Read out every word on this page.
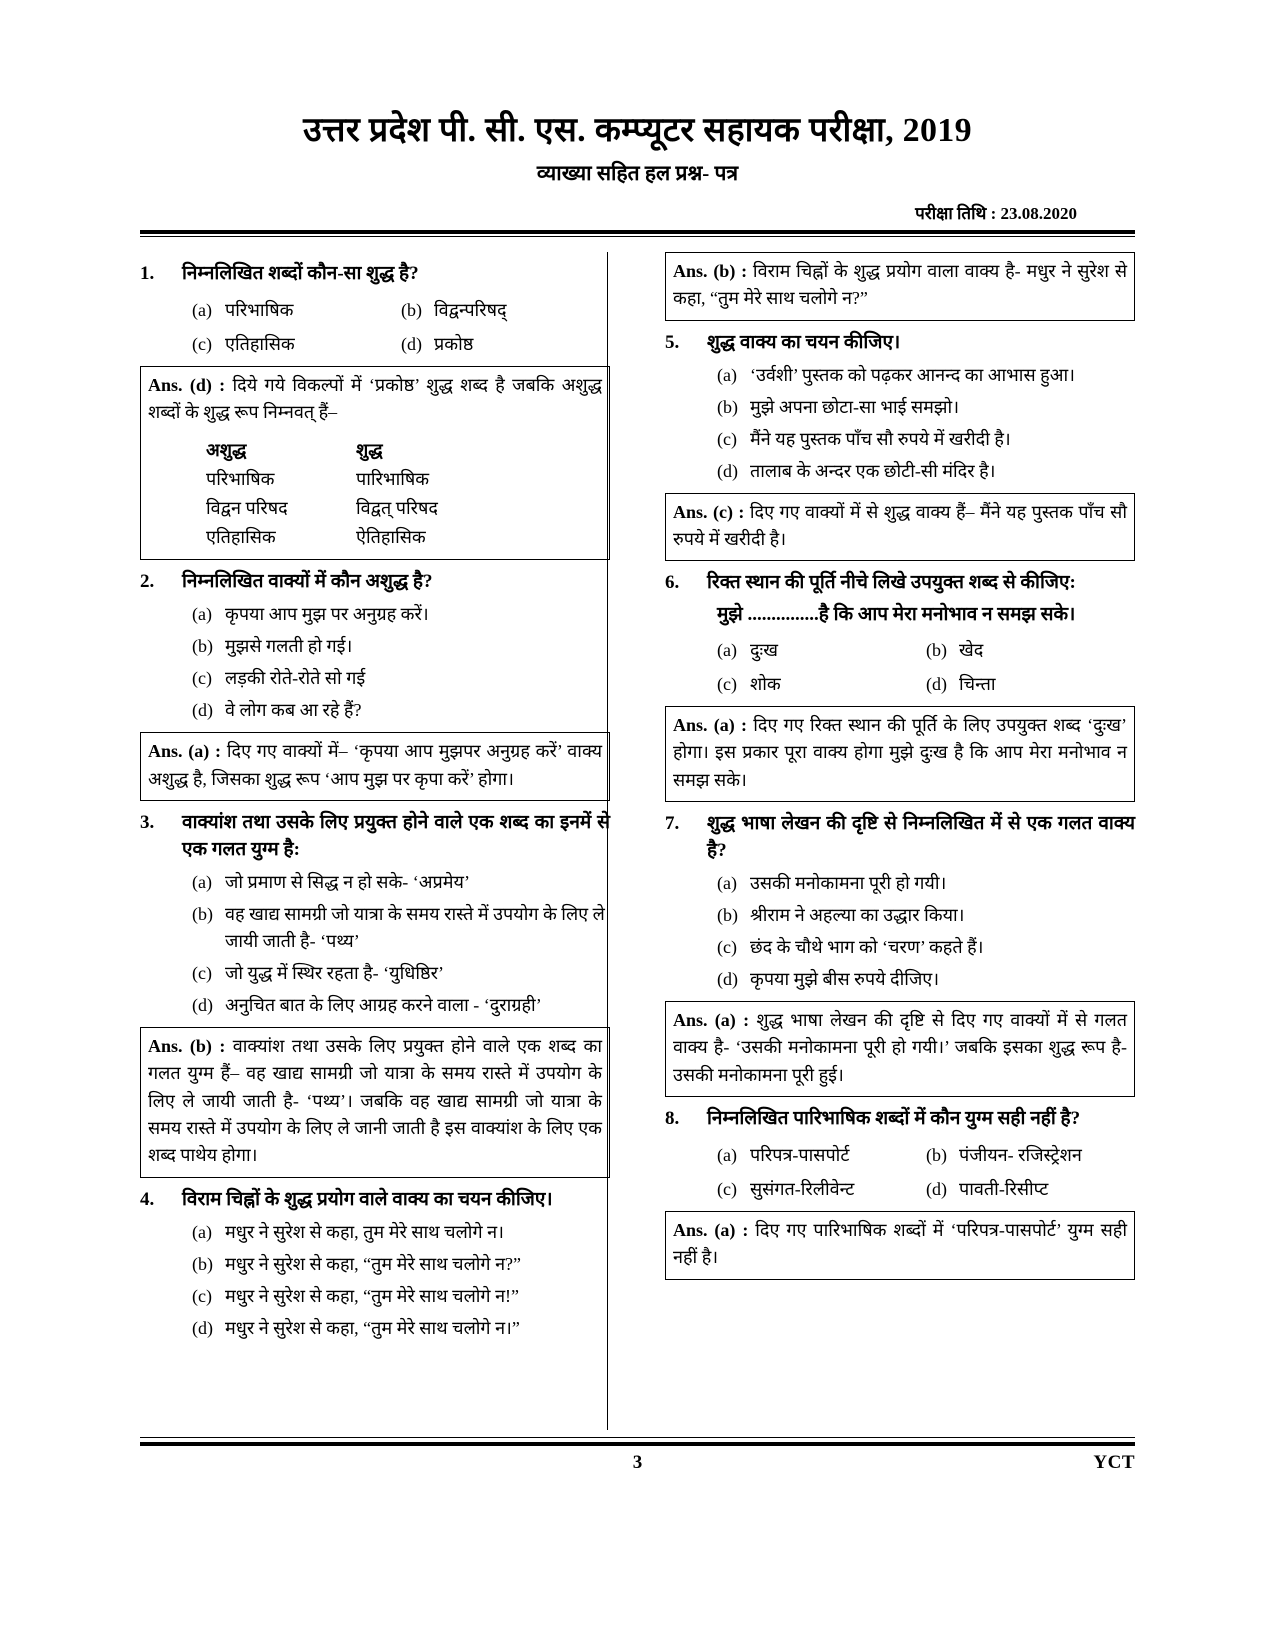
उत्तर प्रदेश पी. सी. एस. कम्प्यूटर सहायक परीक्षा, 2019
व्याख्या सहित हल प्रश्न- पत्र
परीक्षा तिथि : 23.08.2020
1.	निम्नलिखित शब्दों कौन-सा शुद्ध है?
(a) परिभाषिक	(b) विद्वन्परिषद्
(c) एतिहासिक	(d) प्रकोष्ठ

Ans. (d) : दिये गये विकल्पों में ‘प्रकोष्ठ’ शुद्ध शब्द है जबकि अशुद्ध शब्दों के शुद्ध रूप निम्नवत् हैं–

अशुद्ध	शुद्ध
परिभाषिक	पारिभाषिक
विद्वन परिषद	विद्वत् परिषद
एतिहासिक	ऐतिहासिक
2.	निम्नलिखित वाक्यों में कौन अशुद्ध है?
(a) कृपया आप मुझ पर अनुग्रह करें।
(b) मुझसे गलती हो गई।
(c) लड़की रोते-रोते सो गई
(d) वे लोग कब आ रहे हैं?

Ans. (a) : दिए गए वाक्यों में– ‘कृपया आप मुझपर अनुग्रह करें’ वाक्य अशुद्ध है, जिसका शुद्ध रूप ‘आप मुझ पर कृपा करें’ होगा।

3.	वाक्यांश तथा उसके लिए प्रयुक्त होने वाले एक शब्द का इनमें से एक गलत युग्म है:
(a) जो प्रमाण से सिद्ध न हो सके- ‘अप्रमेय’
(b) वह खाद्य सामग्री जो यात्रा के समय रास्ते में उपयोग के लिए ले जायी जाती है- ‘पथ्य’
(c) जो युद्ध में स्थिर रहता है- ‘युधिष्ठिर’
(d) अनुचित बात के लिए आग्रह करने वाला - ‘दुराग्रही’

Ans. (b) : वाक्यांश तथा उसके लिए प्रयुक्त होने वाले एक शब्द का गलत युग्म हैं– वह खाद्य सामग्री जो यात्रा के समय रास्ते में उपयोग के लिए ले जायी जाती है- ‘पथ्य’। जबकि वह खाद्य सामग्री जो यात्रा के समय रास्ते में उपयोग के लिए ले जानी जाती है इस वाक्यांश के लिए एक शब्द पाथेय होगा।

4.	विराम चिह्नों के शुद्ध प्रयोग वाले वाक्य का चयन कीजिए।
(a) मधुर ने सुरेश से कहा, तुम मेरे साथ चलोगे न।
(b) मधुर ने सुरेश से कहा, “तुम मेरे साथ चलोगे न?”
(c) मधुर ने सुरेश से कहा, “तुम मेरे साथ चलोगे न!”
(d) मधुर ने सुरेश से कहा, “तुम मेरे साथ चलोगे न।”

Ans. (b) : विराम चिह्नों के शुद्ध प्रयोग वाला वाक्य है- मधुर ने सुरेश से कहा, “तुम मेरे साथ चलोगे न?”

5.	शुद्ध वाक्य का चयन कीजिए।
(a) ‘उर्वशी’ पुस्तक को पढ़कर आनन्द का आभास हुआ।
(b) मुझे अपना छोटा-सा भाई समझो।
(c) मैंने यह पुस्तक पाँच सौ रुपये में खरीदी है।
(d) तालाब के अन्दर एक छोटी-सी मंदिर है।

Ans. (c) : दिए गए वाक्यों में से शुद्ध वाक्य हैं– मैंने यह पुस्तक पाँच सौ रुपये में खरीदी है।

6.	रिक्त स्थान की पूर्ति नीचे लिखे उपयुक्त शब्द से कीजिए:
मुझे ...............है कि आप मेरा मनोभाव न समझ सके।
(a) दुःख	(b) खेद
(c) शोक	(d) चिन्ता

Ans. (a) : दिए गए रिक्त स्थान की पूर्ति के लिए उपयुक्त शब्द ‘दुःख’ होगा। इस प्रकार पूरा वाक्य होगा मुझे दुःख है कि आप मेरा मनोभाव न समझ सके।

7.	शुद्ध भाषा लेखन की दृष्टि से निम्नलिखित में से एक गलत वाक्य है?
(a) उसकी मनोकामना पूरी हो गयी।
(b) श्रीराम ने अहल्या का उद्धार किया।
(c) छंद के चौथे भाग को ‘चरण’ कहते हैं।
(d) कृपया मुझे बीस रुपये दीजिए।

Ans. (a) : शुद्ध भाषा लेखन की दृष्टि से दिए गए वाक्यों में से गलत वाक्य है- ‘उसकी मनोकामना पूरी हो गयी।’ जबकि इसका शुद्ध रूप है- उसकी मनोकामना पूरी हुई।

8.	निम्नलिखित पारिभाषिक शब्दों में कौन युग्म सही नहीं है?
(a) परिपत्र-पासपोर्ट	(b) पंजीयन- रजिस्ट्रेशन
(c) सुसंगत-रिलीवेन्ट	(d) पावती-रिसीप्ट

Ans. (a) : दिए गए पारिभाषिक शब्दों में ‘परिपत्र-पासपोर्ट’ युग्म सही नहीं है।

3	YCT
